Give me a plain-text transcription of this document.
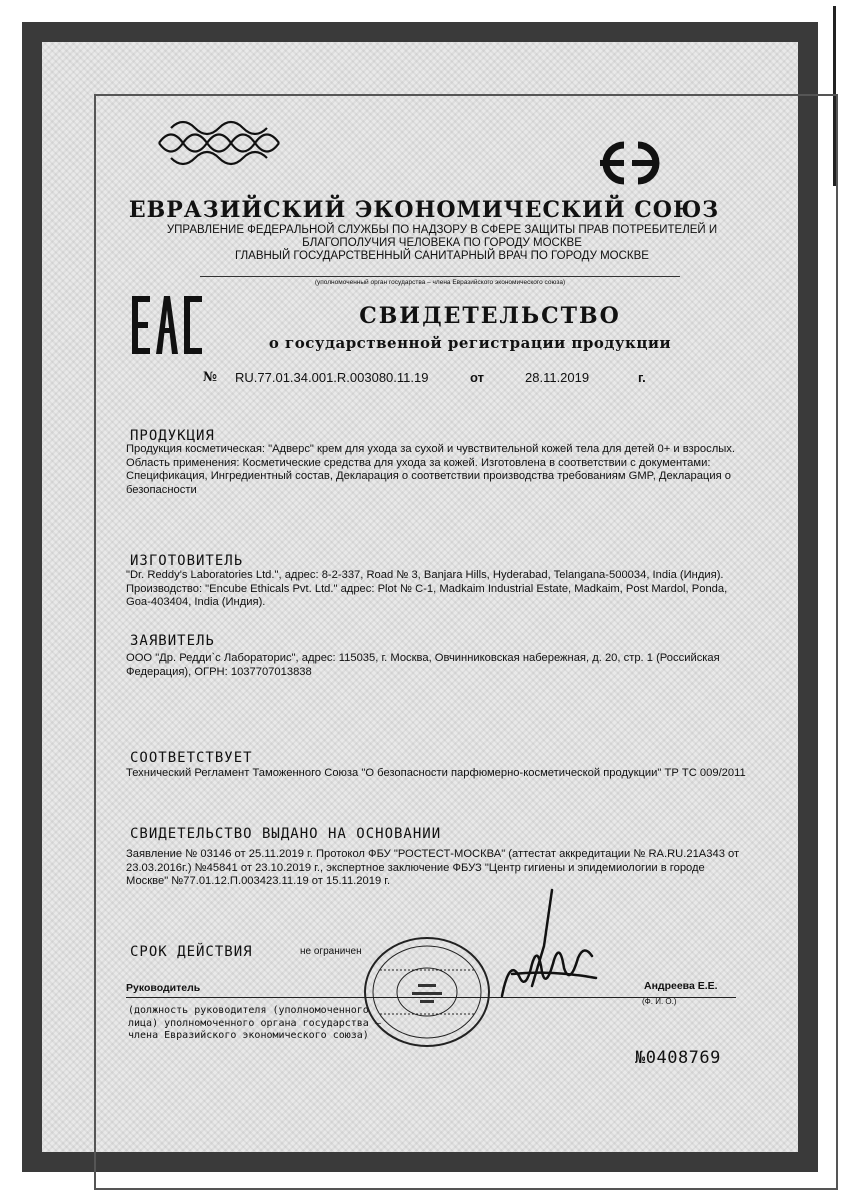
ЕВРАЗИЙСКИЙ ЭКОНОМИЧЕСКИЙ СОЮЗ
УПРАВЛЕНИЕ ФЕДЕРАЛЬНОЙ СЛУЖБЫ ПО НАДЗОРУ В СФЕРЕ ЗАЩИТЫ ПРАВ ПОТРЕБИТЕЛЕЙ И
БЛАГОПОЛУЧИЯ ЧЕЛОВЕКА ПО ГОРОДУ МОСКВЕ
ГЛАВНЫЙ ГОСУДАРСТВЕННЫЙ САНИТАРНЫЙ ВРАЧ ПО ГОРОДУ МОСКВЕ
(уполномоченный орган государства – члена Евразийского экономического союза)
СВИДЕТЕЛЬСТВО
о государственной регистрации продукции
№ RU.77.01.34.001.R.003080.11.19	от	28.11.2019	г.
ПРОДУКЦИЯ
Продукция косметическая: "Адверс" крем для ухода за сухой и чувствительной кожей тела для детей 0+ и взрослых. Область применения: Косметические средства для ухода за кожей. Изготовлена в соответствии с документами: Спецификация, Ингредиентный состав, Декларация о соответствии производства требованиям GMP, Декларация о безопасности
ИЗГОТОВИТЕЛЬ
"Dr. Reddy's Laboratories Ltd.", адрес: 8-2-337, Road № 3, Banjara Hills, Hyderabad, Telangana-500034, India (Индия). Производство: "Encube Ethicals Pvt. Ltd." адрес: Plot № C-1, Madkaim Industrial Estate, Madkaim, Post Mardol, Ponda, Goa-403404, India (Индия).
ЗАЯВИТЕЛЬ
ООО "Др. Редди`с Лабораторис", адрес: 115035, г. Москва, Овчинниковская набережная, д. 20, стр. 1 (Российская Федерация), ОГРН: 1037707013838
СООТВЕТСТВУЕТ
Технический Регламент Таможенного Союза "О безопасности парфюмерно-косметической продукции" ТР ТС 009/2011
СВИДЕТЕЛЬСТВО ВЫДАНО НА ОСНОВАНИИ
Заявление № 03146 от 25.11.2019 г. Протокол ФБУ "РОСТЕСТ-МОСКВА" (аттестат аккредитации № RA.RU.21A343 от 23.03.2016г.) №45841 от 23.10.2019 г., экспертное заключение ФБУЗ "Центр гигиены и эпидемиологии в городе Москве" №77.01.12.П.003423.11.19 от 15.11.2019 г.
СРОК ДЕЙСТВИЯ	не ограничен
Руководитель	Андреева Е.Е.
(Ф. И. О.)
(должность руководителя (уполномоченного
лица) уполномоченного органа государства –
члена Евразийского экономического союза)
№0408769
